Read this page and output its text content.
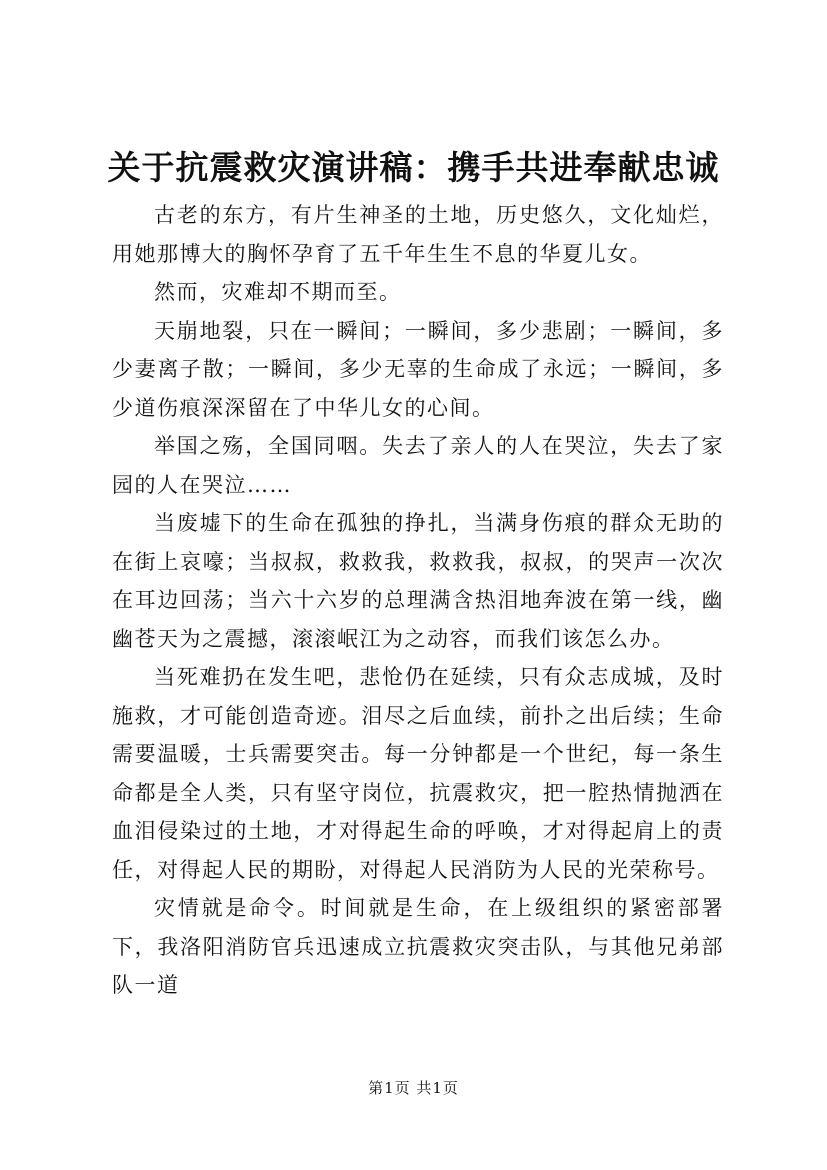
关于抗震救灾演讲稿：携手共进奉献忠诚

古老的东方，有片生神圣的土地，历史悠久，文化灿烂，用她那博大的胸怀孕育了五千年生生不息的华夏儿女。

然而，灾难却不期而至。

天崩地裂，只在一瞬间；一瞬间，多少悲剧；一瞬间，多少妻离子散；一瞬间，多少无辜的生命成了永远；一瞬间，多少道伤痕深深留在了中华儿女的心间。

举国之殇，全国同咽。失去了亲人的人在哭泣，失去了家园的人在哭泣……

当废墟下的生命在孤独的挣扎，当满身伤痕的群众无助的在街上哀嚎；当叔叔，救救我，救救我，叔叔，的哭声一次次在耳边回荡；当六十六岁的总理满含热泪地奔波在第一线，幽幽苍天为之震撼，滚滚岷江为之动容，而我们该怎么办。

当死难扔在发生吧，悲怆仍在延续，只有众志成城，及时施救，才可能创造奇迹。泪尽之后血续，前扑之出后续；生命需要温暖，士兵需要突击。每一分钟都是一个世纪，每一条生命都是全人类，只有坚守岗位，抗震救灾，把一腔热情抛洒在血泪侵染过的土地，才对得起生命的呼唤，才对得起肩上的责任，对得起人民的期盼，对得起人民消防为人民的光荣称号。

灾情就是命令。时间就是生命，在上级组织的紧密部署下，我洛阳消防官兵迅速成立抗震救灾突击队，与其他兄弟部队一道

第1页 共1页
